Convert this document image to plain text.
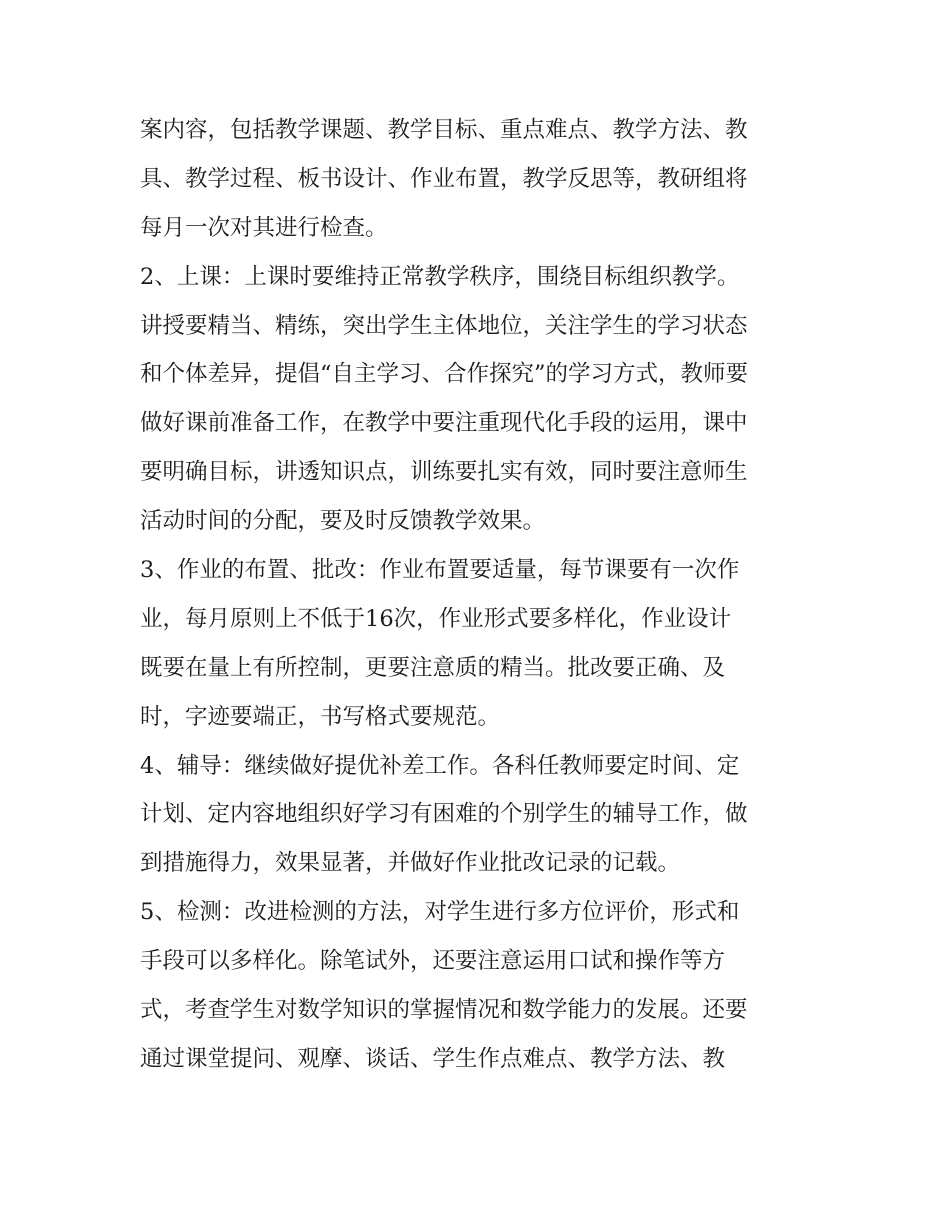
案内容，包括教学课题、教学目标、重点难点、教学方法、教
具、教学过程、板书设计、作业布置，教学反思等，教研组将
每月一次对其进行检查。
2、上课：上课时要维持正常教学秩序，围绕目标组织教学。
讲授要精当、精练，突出学生主体地位，关注学生的学习状态
和个体差异，提倡“自主学习、合作探究”的学习方式，教师要
做好课前准备工作，在教学中要注重现代化手段的运用，课中
要明确目标，讲透知识点，训练要扎实有效，同时要注意师生
活动时间的分配，要及时反馈教学效果。
3、作业的布置、批改：作业布置要适量，每节课要有一次作
业，每月原则上不低于16次，作业形式要多样化，作业设计
既要在量上有所控制，更要注意质的精当。批改要正确、及
时，字迹要端正，书写格式要规范。
4、辅导：继续做好提优补差工作。各科任教师要定时间、定
计划、定内容地组织好学习有困难的个别学生的辅导工作，做
到措施得力，效果显著，并做好作业批改记录的记载。
5、检测：改进检测的方法，对学生进行多方位评价，形式和
手段可以多样化。除笔试外，还要注意运用口试和操作等方
式，考查学生对数学知识的掌握情况和数学能力的发展。还要
通过课堂提问、观摩、谈话、学生作点难点、教学方法、教
